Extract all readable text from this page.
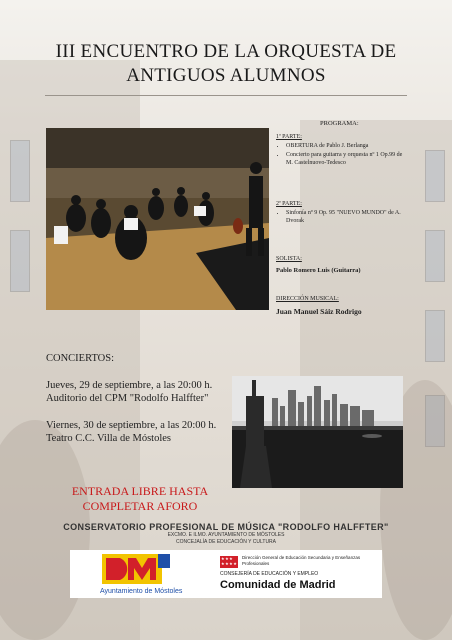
III ENCUENTRO DE LA ORQUESTA DE
ANTIGUOS ALUMNOS
PROGRAMA:
1ª PARTE:
• OBERTURA de Pablo J. Berlanga
• Concierto para guitarra y orquesta nº 1 Op.99 de M. Castelnuovo-Tedesco
2ª PARTE:
• Sinfonía nº 9 Op. 95 "NUEVO MUNDO" de A. Dvorak
SOLISTA:
Pablo Romero Luis (Guitarra)
DIRECCIÓN MUSICAL:
Juan Manuel Sáiz Rodrigo

CONCIERTOS:

Jueves, 29 de septiembre, a las 20:00 h.

Auditorio del CPM "Rodolfo Halffter"

Viernes, 30 de septiembre, a las 20:00 h.

Teatro C.C. Villa de Móstoles

ENTRADA LIBRE HASTA
COMPLETAR AFORO
CONSERVATORIO PROFESIONAL DE MÚSICA "RODOLFO HALFFTER"
EXCMO. E ILMO. AYUNTAMIENTO DE MÓSTOLES
CONCEJALÍA DE EDUCACIÓN Y CULTURA
Ayuntamiento de Móstoles
★★★
★★★★
Dirección General de Educación Secundaria y Enseñanzas Profesionales
CONSEJERÍA DE EDUCACIÓN Y EMPLEO
Comunidad de Madrid
